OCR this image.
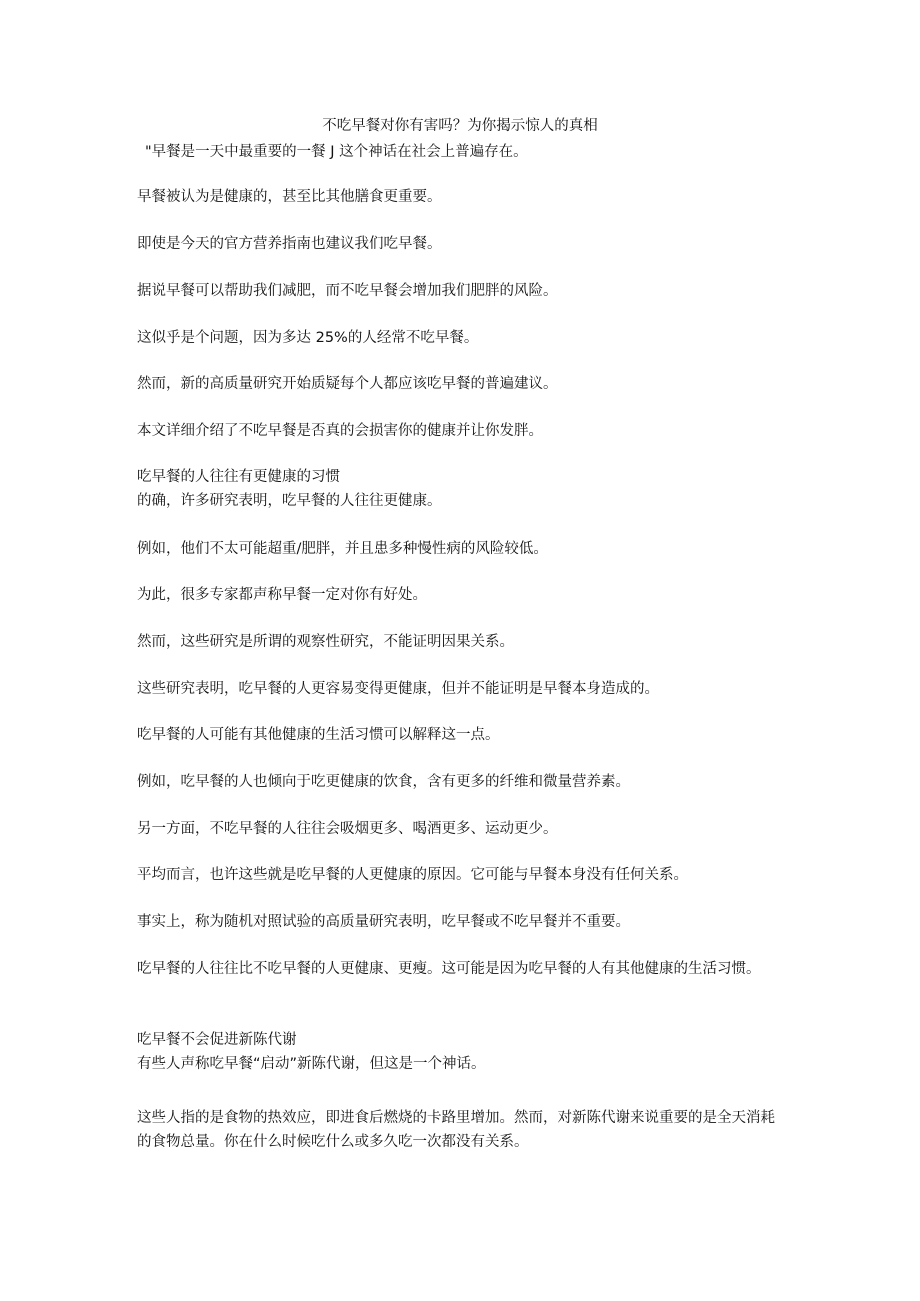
不吃早餐对你有害吗？为你揭示惊人的真相
"早餐是一天中最重要的一餐 J 这个神话在社会上普遍存在。
早餐被认为是健康的，甚至比其他膳食更重要。
即使是今天的官方营养指南也建议我们吃早餐。
据说早餐可以帮助我们减肥，而不吃早餐会增加我们肥胖的风险。
这似乎是个问题，因为多达 25%的人经常不吃早餐。
然而，新的高质量研究开始质疑每个人都应该吃早餐的普遍建议。
本文详细介绍了不吃早餐是否真的会损害你的健康并让你发胖。
吃早餐的人往往有更健康的习惯
的确，许多研究表明，吃早餐的人往往更健康。
例如，他们不太可能超重/肥胖，并且患多种慢性病的风险较低。
为此，很多专家都声称早餐一定对你有好处。
然而，这些研究是所谓的观察性研究，不能证明因果关系。
这些研究表明，吃早餐的人更容易变得更健康，但并不能证明是早餐本身造成的。
吃早餐的人可能有其他健康的生活习惯可以解释这一点。
例如，吃早餐的人也倾向于吃更健康的饮食，含有更多的纤维和微量营养素。
另一方面，不吃早餐的人往往会吸烟更多、喝酒更多、运动更少。
平均而言，也许这些就是吃早餐的人更健康的原因。它可能与早餐本身没有任何关系。
事实上，称为随机对照试验的高质量研究表明，吃早餐或不吃早餐并不重要。
吃早餐的人往往比不吃早餐的人更健康、更瘦。这可能是因为吃早餐的人有其他健康的生活习惯。
吃早餐不会促进新陈代谢
有些人声称吃早餐“启动”新陈代谢，但这是一个神话。
这些人指的是食物的热效应，即进食后燃烧的卡路里增加。然而，对新陈代谢来说重要的是全天消耗的食物总量。你在什么时候吃什么或多久吃一次都没有关系。
